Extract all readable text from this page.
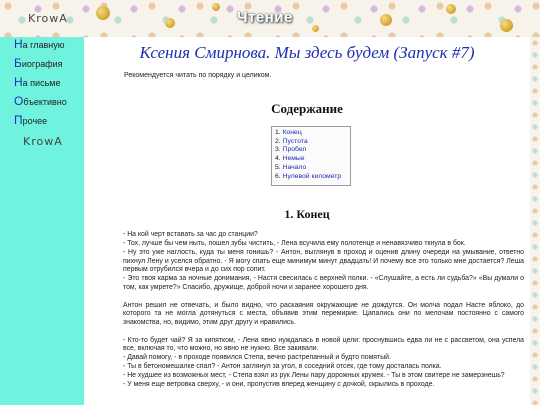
KrowA	Чтение
На главную
Биография
На письме
Объективно
Прочее
KrowA
Ксения Смирнова. Мы здесь будем (Запуск #7)
Рекомендуется читать по порядку и целиком.
Содержание
1. Конец
2. Пустота
3. Пробел
4. Немые
5. Начало
6. Нулевой километр
1. Конец

- На кой черт вставать за час до станции?

- Тох, лучше бы чем ныть, пошел зубы чистить, - Лена всучила ему полотенце и ненавязчиво ткнула в бок.

- Ну это уже наглость, куда ты меня гонишь? - Антон, выглянув в проход и оценив длину очереди на умывание, ответно пихнул Лену и уселся обратно. - Я могу спать еще минимум минут двадцать! И почему все это только мне достается? Леша первым отрубился вчера и до сих пор сопит.

- Это твоя карма за ночные донимания, - Настя свесилась с верхней полки. - «Слушайте, а есть ли судьба?» «Вы думали о том, как умрете?» Спасибо, дружище, доброй ночи и заранее хорошего дня.

Антон решил не отвечать, и было видно, что раскаяния окружающие не дождутся. Он молча подал Насте яблоко, до которого та не могла дотянуться с места, объявив этим перемирие. Цапались они по мелочам постоянно с самого знакомства, но, видимо, этим друг другу и нравились.

- Кто-то будет чай? Я за кипятком, - Лена явно нуждалась в новой цели: проснувшись едва ли не с рассветом, она успела все, включая то, что можно, но явно не нужно. Все закивали.

- Давай помогу, - в проходе появился Степа, вечно растрепанный и будто помятый.

- Ты в бетономешалке спал? - Антон заглянул за угол, в соседний отсек, где тому досталась полка.

- Не худшее из возможных мест, - Степа взял из рук Лены пару дорожных кружек. - Ты в этом свитере не замерзнешь?

- У меня еще ветровка сверху, - и они, пропустив вперед женщину с дочкой, скрылись в проходе.
